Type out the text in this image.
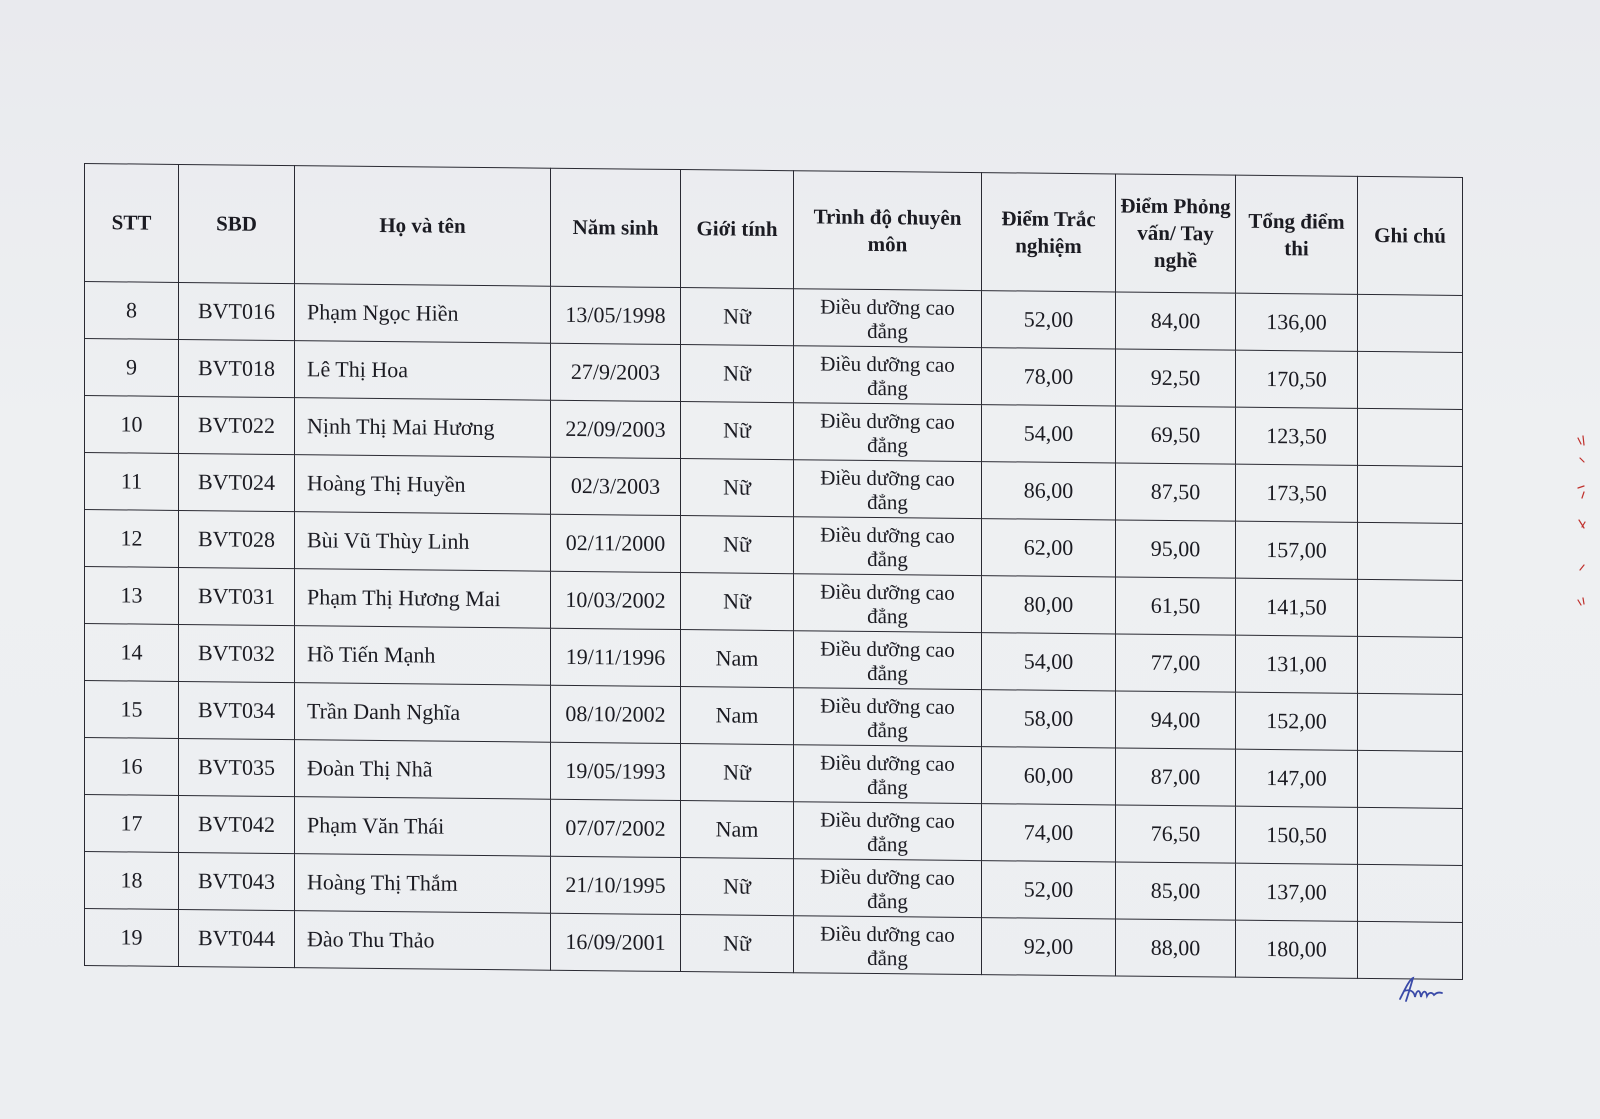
STT	SBD	Họ và tên	Năm sinh	Giới tính	Trình độ chuyên môn	Điểm Trắc nghiệm	Điểm Phỏng vấn/ Tay nghề	Tổng điểm thi	Ghi chú
8	BVT016	Phạm Ngọc Hiền	13/05/1998	Nữ	Điều dưỡng cao đẳng	52,00	84,00	136,00	
9	BVT018	Lê Thị Hoa	27/9/2003	Nữ	Điều dưỡng cao đẳng	78,00	92,50	170,50	
10	BVT022	Nịnh Thị Mai Hương	22/09/2003	Nữ	Điều dưỡng cao đẳng	54,00	69,50	123,50	
11	BVT024	Hoàng Thị Huyền	02/3/2003	Nữ	Điều dưỡng cao đẳng	86,00	87,50	173,50	
12	BVT028	Bùi Vũ Thùy Linh	02/11/2000	Nữ	Điều dưỡng cao đẳng	62,00	95,00	157,00	
13	BVT031	Phạm Thị Hương Mai	10/03/2002	Nữ	Điều dưỡng cao đẳng	80,00	61,50	141,50	
14	BVT032	Hồ Tiến Mạnh	19/11/1996	Nam	Điều dưỡng cao đẳng	54,00	77,00	131,00	
15	BVT034	Trần Danh Nghĩa	08/10/2002	Nam	Điều dưỡng cao đẳng	58,00	94,00	152,00	
16	BVT035	Đoàn Thị Nhã	19/05/1993	Nữ	Điều dưỡng cao đẳng	60,00	87,00	147,00	
17	BVT042	Phạm Văn Thái	07/07/2002	Nam	Điều dưỡng cao đẳng	74,00	76,50	150,50	
18	BVT043	Hoàng Thị Thắm	21/10/1995	Nữ	Điều dưỡng cao đẳng	52,00	85,00	137,00	
19	BVT044	Đào Thu Thảo	16/09/2001	Nữ	Điều dưỡng cao đẳng	92,00	88,00	180,00	
